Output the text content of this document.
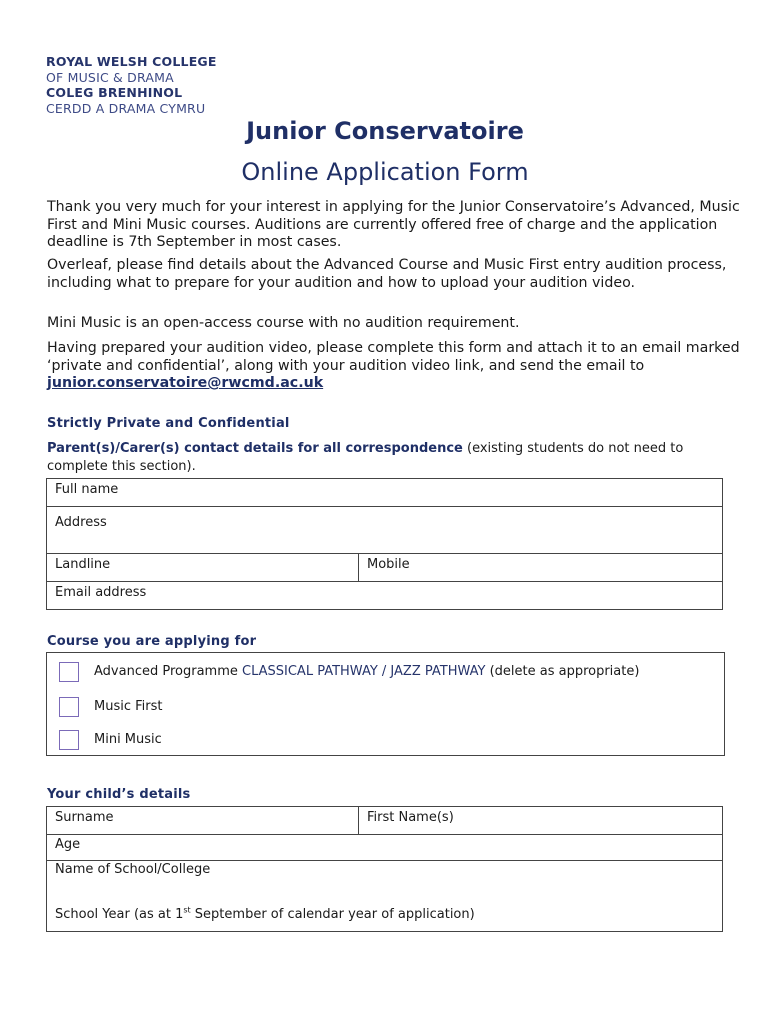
ROYAL WELSH COLLEGE
OF MUSIC & DRAMA
COLEG BRENHINOL
CERDD A DRAMA CYMRU
Junior Conservatoire
Online Application Form
Thank you very much for your interest in applying for the Junior Conservatoire’s Advanced, Music First and Mini Music courses. Auditions are currently offered free of charge and the application deadline is 7th September in most cases.
Overleaf, please find details about the Advanced Course and Music First entry audition process, including what to prepare for your audition and how to upload your audition video.
Mini Music is an open-access course with no audition requirement.
Having prepared your audition video, please complete this form and attach it to an email marked ‘private and confidential’, along with your audition video link, and send the email to junior.conservatoire@rwcmd.ac.uk
Strictly Private and Confidential
Parent(s)/Carer(s) contact details for all correspondence (existing students do not need to complete this section).
Full name
Address
Landline	Mobile
Email address
Course you are applying for
Advanced Programme CLASSICAL PATHWAY / JAZZ PATHWAY (delete as appropriate)
Music First
Mini Music
Your child’s details
Surname	First Name(s)
Age
Name of School/College
School Year (as at 1st September of calendar year of application)
